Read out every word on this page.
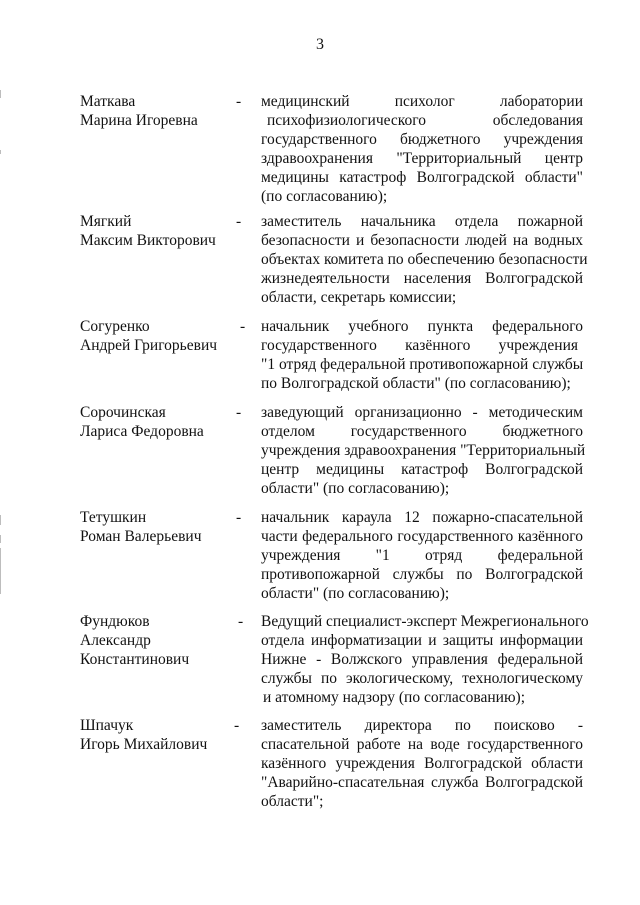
3
Маткава
Марина Игоревна
- медицинский психолог лаборатории
психофизиологического обследования
государственного бюджетного учреждения
здравоохранения "Территориальный центр
медицины катастроф Волгоградской области"
(по согласованию);
Мягкий
Максим Викторович
- заместитель начальника отдела пожарной
безопасности и безопасности людей на водных
объектах комитета по обеспечению безопасности
жизнедеятельности населения Волгоградской
области, секретарь комиссии;
Согуренко
Андрей Григорьевич
- начальник учебного пункта федерального
государственного казённого учреждения
"1 отряд федеральной противопожарной службы
по Волгоградской области" (по согласованию);
Сорочинская
Лариса Федоровна
- заведующий организационно - методическим
отделом государственного бюджетного
учреждения здравоохранения "Территориальный
центр медицины катастроф Волгоградской
области" (по согласованию);
Тетушкин
Роман Валерьевич
- начальник караула 12 пожарно-спасательной
части федерального государственного казённого
учреждения "1 отряд федеральной
противопожарной службы по Волгоградской
области" (по согласованию);
Фундюков
Александр
Константинович
- Ведущий специалист-эксперт Межрегионального
отдела информатизации и защиты информации
Нижне - Волжского управления федеральной
службы по экологическому, технологическому
и атомному надзору (по согласованию);
Шпачук
Игорь Михайлович
- заместитель директора по поисково -
спасательной работе на воде государственного
казённого учреждения Волгоградской области
"Аварийно-спасательная служба Волгоградской
области";
